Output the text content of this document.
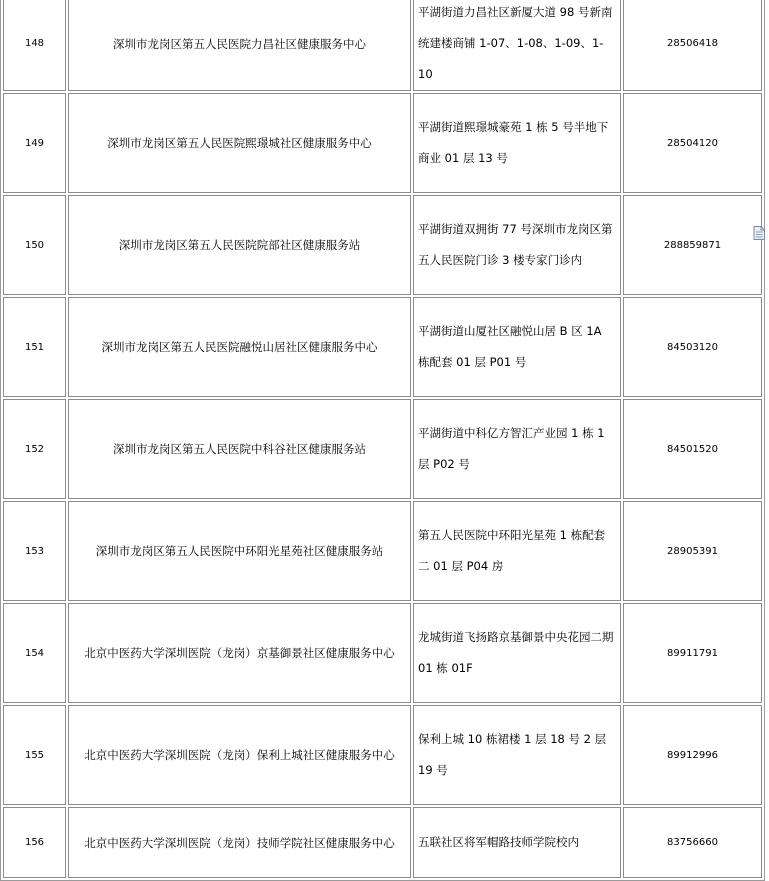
148	深圳市龙岗区第五人民医院力昌社区健康服务中心	平湖街道力昌社区新厦大道 98 号新南统建楼商铺 1-07、1-08、1-09、1-10	28506418
149	深圳市龙岗区第五人民医院熙璟城社区健康服务中心	平湖街道熙璟城豪苑 1 栋 5 号半地下商业 01 层 13 号	28504120
150	深圳市龙岗区第五人民医院院部社区健康服务站	平湖街道双拥街 77 号深圳市龙岗区第五人民医院门诊 3 楼专家门诊内	288859871
151	深圳市龙岗区第五人民医院融悦山居社区健康服务中心	平湖街道山厦社区融悦山居 B 区 1A 栋配套 01 层 P01 号	84503120
152	深圳市龙岗区第五人民医院中科谷社区健康服务站	平湖街道中科亿方智汇产业园 1 栋 1 层 P02 号	84501520
153	深圳市龙岗区第五人民医院中环阳光星苑社区健康服务站	第五人民医院中环阳光星苑 1 栋配套二 01 层 P04 房	28905391
154	北京中医药大学深圳医院（龙岗）京基御景社区健康服务中心	龙城街道飞扬路京基御景中央花园二期 01 栋 01F	89911791
155	北京中医药大学深圳医院（龙岗）保利上城社区健康服务中心	保利上城 10 栋裙楼 1 层 18 号 2 层 19 号	89912996
156	北京中医药大学深圳医院（龙岗）技师学院社区健康服务中心	五联社区将军帽路技师学院校内	83756660
